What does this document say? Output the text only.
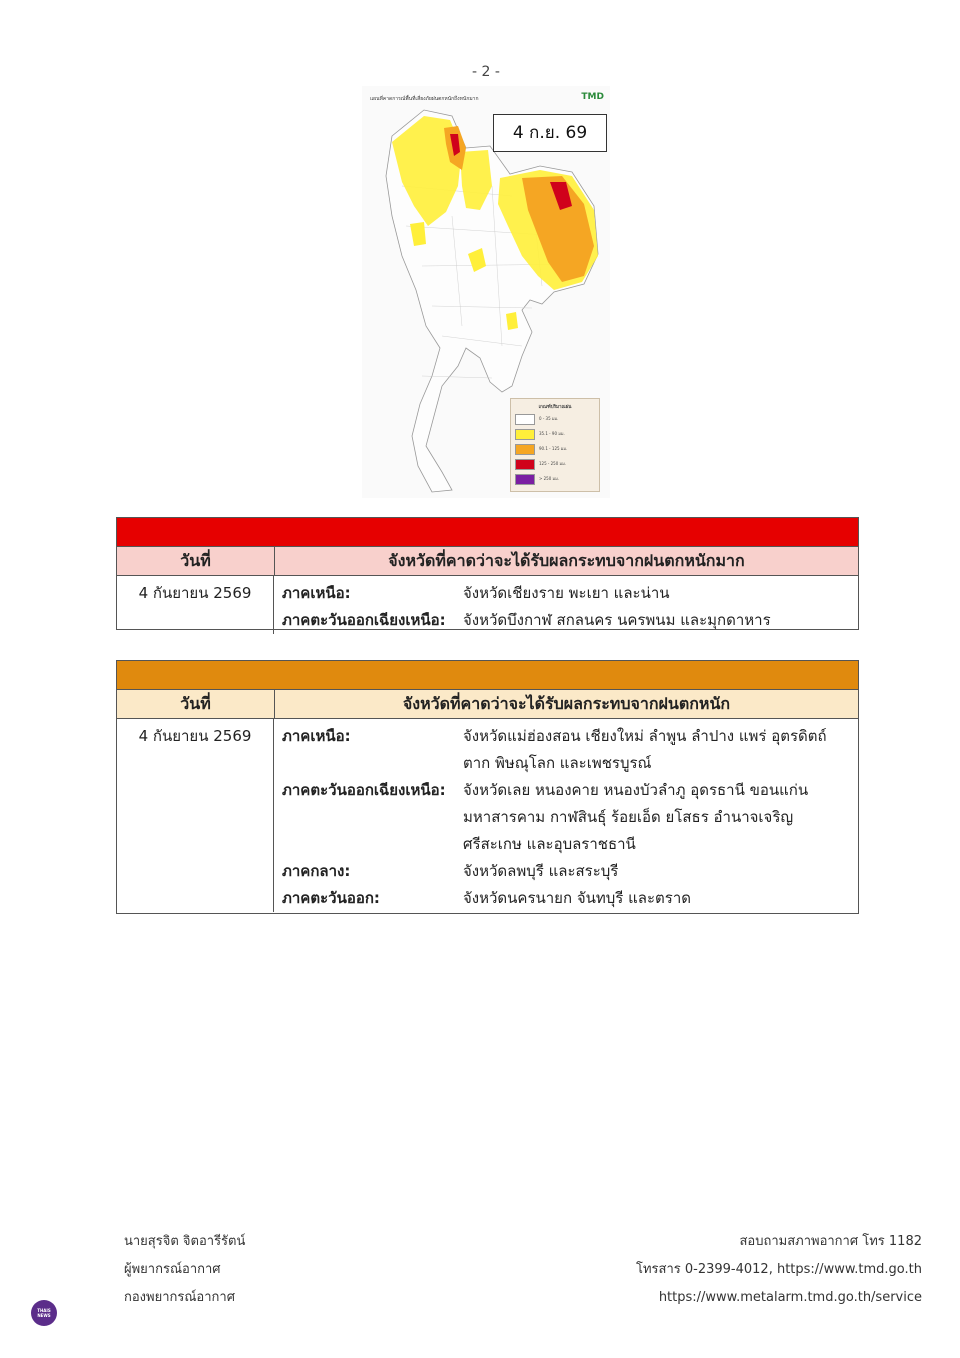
- 2 -
แผนที่คาดการณ์พื้นที่เสี่ยงภัยฝนตกหนักถึงหนักมาก	TMD
4 ก.ย. 69
เกณฑ์ปริมาณฝน
0 - 35 มม.
35.1 - 90 มม.
90.1 - 125 มม.
125 - 250 มม.
> 250 มม.
วันที่	จังหวัดที่คาดว่าจะได้รับผลกระทบจากฝนตกหนักมาก
4 กันยายน 2569	ภาคเหนือ:	จังหวัดเชียงราย พะเยา และน่าน
ภาคตะวันออกเฉียงเหนือ:	จังหวัดบึงกาฬ สกลนคร นครพนม และมุกดาหาร
วันที่	จังหวัดที่คาดว่าจะได้รับผลกระทบจากฝนตกหนัก
4 กันยายน 2569	ภาคเหนือ:	จังหวัดแม่ฮ่องสอน เชียงใหม่ ลำพูน ลำปาง แพร่ อุตรดิตถ์ ตาก พิษณุโลก และเพชรบูรณ์
ภาคตะวันออกเฉียงเหนือ:	จังหวัดเลย หนองคาย หนองบัวลำภู อุดรธานี ขอนแก่น มหาสารคาม กาฬสินธุ์ ร้อยเอ็ด ยโสธร อำนาจเจริญ ศรีสะเกษ และอุบลราชธานี
ภาคกลาง:	จังหวัดลพบุรี และสระบุรี
ภาคตะวันออก:	จังหวัดนครนายก จันทบุรี และตราด
นายสุรจิต จิตอารีรัตน์
ผู้พยากรณ์อากาศ
กองพยากรณ์อากาศ
สอบถามสภาพอากาศ โทร 1182
โทรสาร 0-2399-4012, https://www.tmd.go.th
https://www.metalarm.tmd.go.th/service
THAIS
NEWS
